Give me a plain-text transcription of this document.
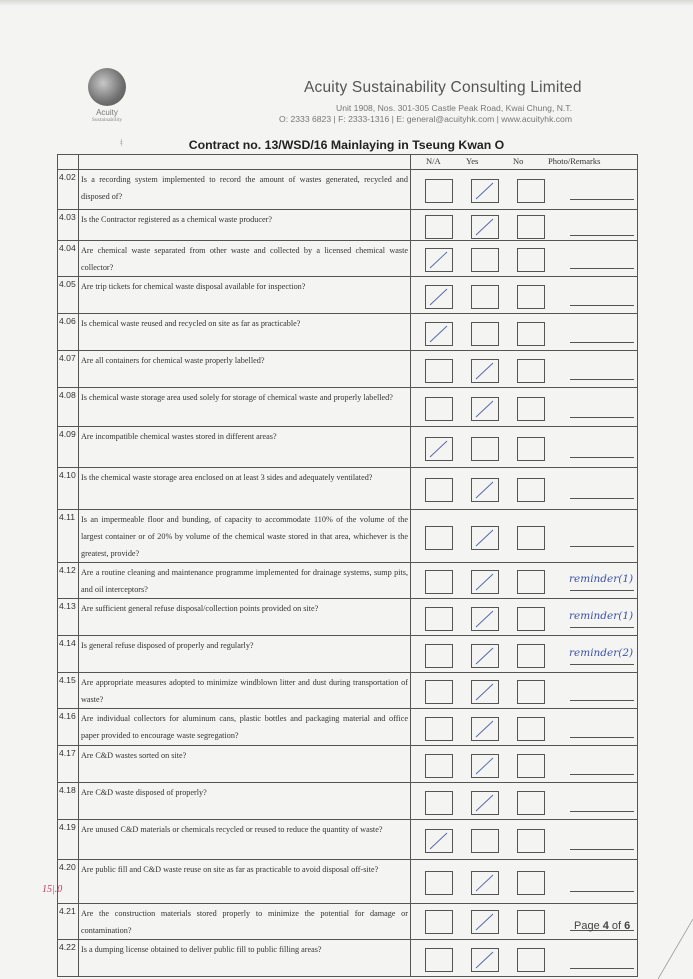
Acuity
Sustainability
ǂ
Acuity Sustainability Consulting Limited
Unit 1908, Nos. 301-305 Castle Peak Road, Kwai Chung, N.T.
O: 2333 6823 | F: 2333-1316 | E: general@acuityhk.com | www.acuityhk.com
Contract no. 13/WSD/16 Mainlaying in Tseung Kwan O

		N/A Yes No Photo/Remarks

4.02	Is a recording system implemented to record the amount of wastes generated, recycled and disposed of?	

4.03	Is the Contractor registered as a chemical waste producer?	

4.04	Are chemical waste separated from other waste and collected by a licensed chemical waste collector?	

4.05	Are trip tickets for chemical waste disposal available for inspection?	

4.06	Is chemical waste reused and recycled on site as far as practicable?	

4.07	Are all containers for chemical waste properly labelled?	

4.08	Is chemical waste storage area used solely for storage of chemical waste and properly labelled?	

4.09	Are incompatible chemical wastes stored in different areas?	

4.10	Is the chemical waste storage area enclosed on at least 3 sides and adequately ventilated?	

4.11	Is an impermeable floor and bunding, of capacity to accommodate 110% of the volume of the largest container or of 20% by volume of the chemical waste stored in that area, whichever is the greatest, provide?	

4.12	Are a routine cleaning and maintenance programme implemented for drainage systems, sump pits, and oil interceptors?	reminder(1)

4.13	Are sufficient general refuse disposal/collection points provided on site?	reminder(1)

4.14	Is general refuse disposed of properly and regularly?	reminder(2)

4.15	Are appropriate measures adopted to minimize windblown litter and dust during transportation of waste?	

4.16	Are individual collectors for aluminum cans, plastic bottles and packaging material and office paper provided to encourage waste segregation?	

4.17	Are C&D wastes sorted on site?	

4.18	Are C&D waste disposed of properly?	

4.19	Are unused C&D materials or chemicals recycled or reused to reduce the quantity of waste?	

4.20	Are public fill and C&D waste reuse on site as far as practicable to avoid disposal off-site?	

4.21	Are the construction materials stored properly to minimize the potential for damage or contamination?	

4.22	Is a dumping license obtained to deliver public fill to public filling areas?	
15|.0
Page 4 of 6
